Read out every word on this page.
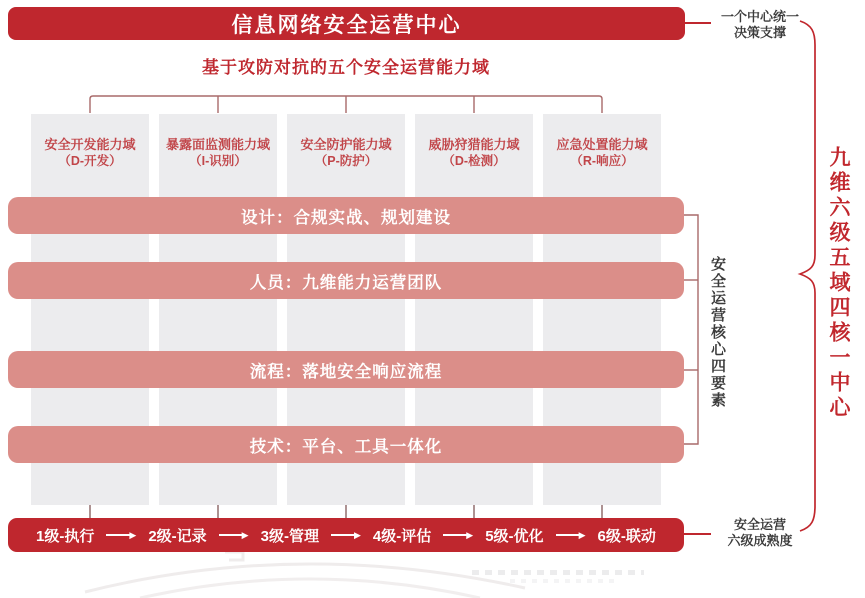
安全开发能力域
（D-开发）
暴露面监测能力域
（I-识别）
安全防护能力域
（P-防护）
威胁狩猎能力域
（D-检测）
应急处置能力域
（R-响应）
信息网络安全运营中心
基于攻防对抗的五个安全运营能力域
设计：合规实战、规划建设
人员：九维能力运营团队
流程：落地安全响应流程
技术：平台、工具一体化
1级-执行	▶ 2级-记录	▶ 3级-管理	▶ 4级-评估	▶ 5级-优化	▶ 6级-联动
一个中心统一
决策支撑
安全运营核心四要素
安全运营
六级成熟度
九维六级五域四核一中心
